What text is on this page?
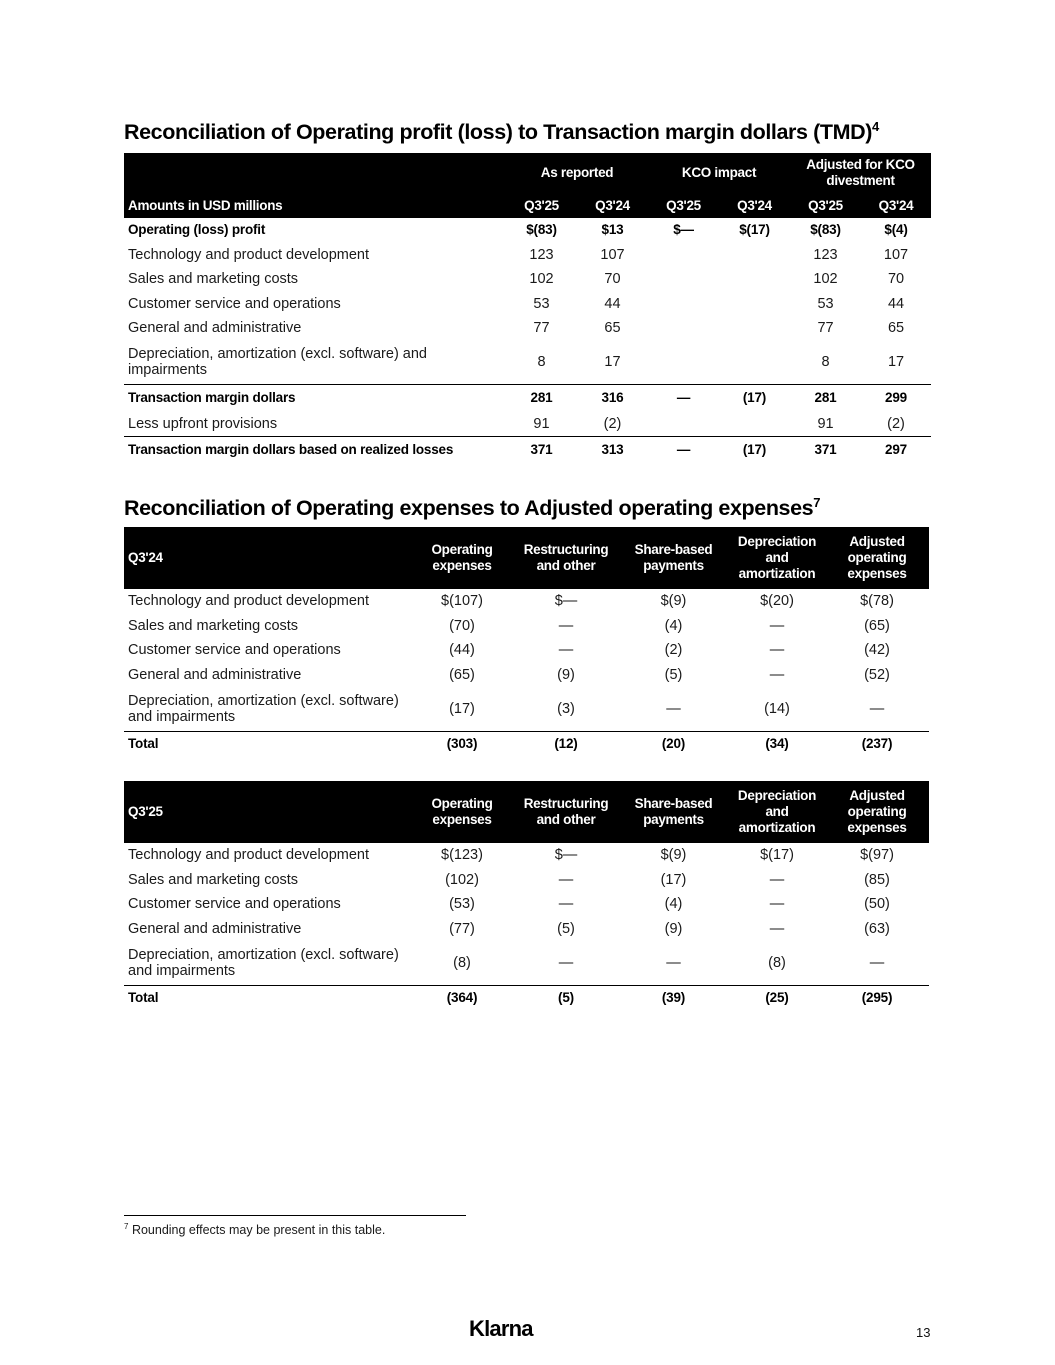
Reconciliation of Operating profit (loss) to Transaction margin dollars (TMD)$^4$
	As reported		KCO impact		Adjusted for KCO divestment	
Amounts in USD millions	Q3'25	Q3'24	Q3'25	Q3'24	Q3'25	Q3'24
Operating (loss) profit	$(83)	$13	$—	$(17)	$(83)	$(4)
Technology and product development	123	107			123	107
Sales and marketing costs	102	70			102	70
Customer service and operations	53	44			53	44
General and administrative	77	65			77	65
Depreciation, amortization (excl. software) and impairments	8	17			8	17
Transaction margin dollars	281	316	—	(17)	281	299
Less upfront provisions	91	(2)			91	(2)
Transaction margin dollars based on realized losses	371	313	—	(17)	371	297
Reconciliation of Operating expenses to Adjusted operating expenses$^7$
Q3'24	Operating expenses	Restructuring and other	Share-based payments	Depreciation and amortization	Adjusted operating expenses
Technology and product development	$(107)	$—	$(9)	$(20)	$(78)
Sales and marketing costs	(70)	—	(4)	—	(65)
Customer service and operations	(44)	—	(2)	—	(42)
General and administrative	(65)	(9)	(5)	—	(52)
Depreciation, amortization (excl. software) and impairments	(17)	(3)	—	(14)	—
Total	(303)	(12)	(20)	(34)	(237)
Q3'25	Operating expenses	Restructuring and other	Share-based payments	Depreciation and amortization	Adjusted operating expenses
Technology and product development	$(123)	$—	$(9)	$(17)	$(97)
Sales and marketing costs	(102)	—	(17)	—	(85)
Customer service and operations	(53)	—	(4)	—	(50)
General and administrative	(77)	(5)	(9)	—	(63)
Depreciation, amortization (excl. software) and impairments	(8)	—	—	(8)	—
Total	(364)	(5)	(39)	(25)	(295)
$^7$ Rounding effects may be present in this table.
Klarna	13
